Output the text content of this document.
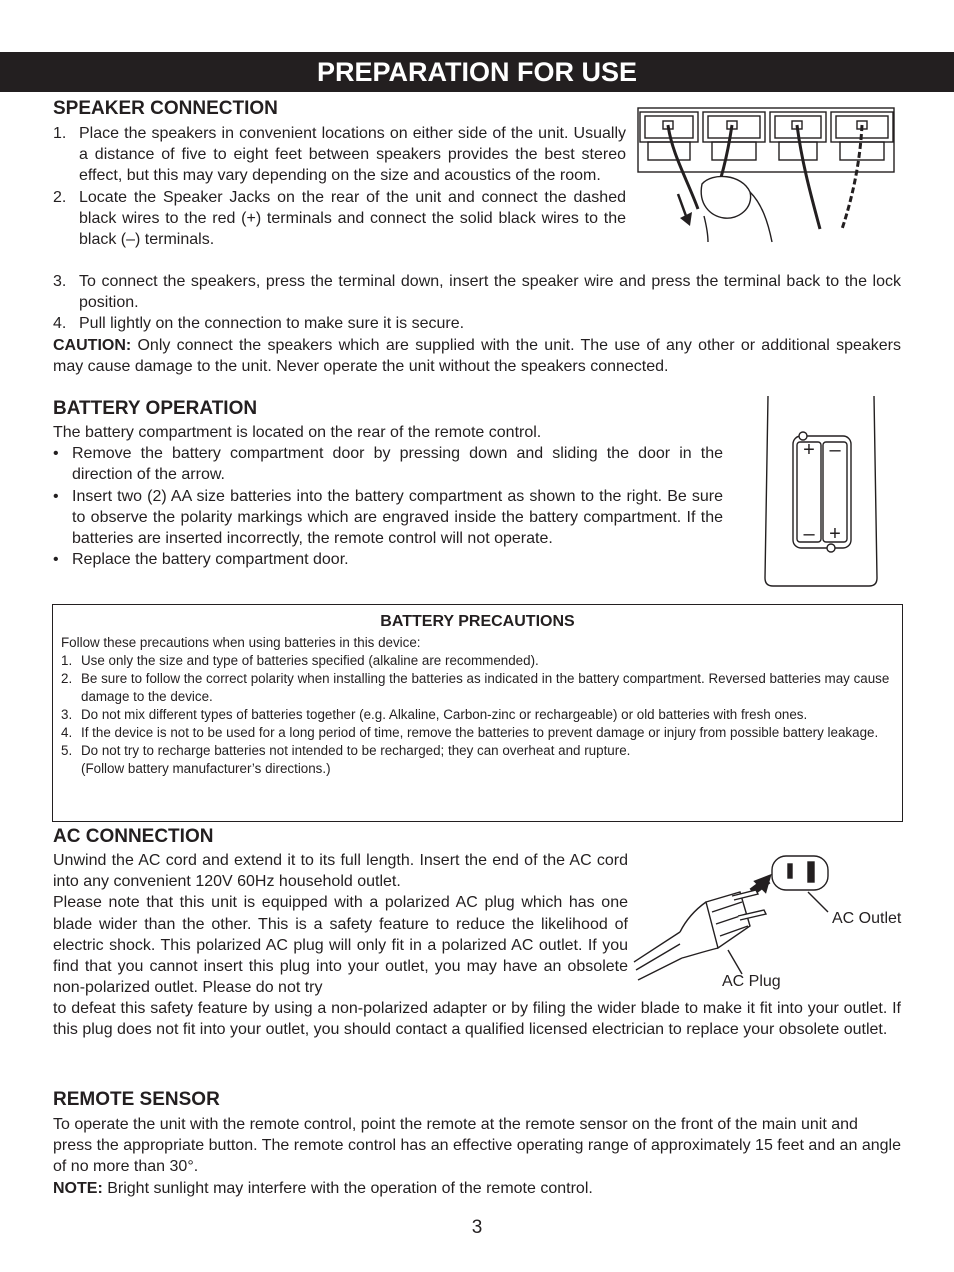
PREPARATION FOR USE

SPEAKER CONNECTION

1. Place the speakers in convenient locations on either side of the unit. Usually a distance of five to eight feet between speakers provides the best stereo effect, but this may vary depending on the size and acoustics of the room.
2. Locate the Speaker Jacks on the rear of the unit and connect the dashed black wires to the red (+) terminals and connect the solid black wires to the black (–) terminals.
3. To connect the speakers, press the terminal down, insert the speaker wire and press the terminal back to the lock position.
4. Pull lightly on the connection to make sure it is secure.

CAUTION: Only connect the speakers which are supplied with the unit. The use of any other or additional speakers may cause damage to the unit. Never operate the unit without the speakers connected.

BATTERY OPERATION

The battery compartment is located on the rear of the remote control.

• Remove the battery compartment door by pressing down and sliding the door in the direction of the arrow.
• Insert two (2) AA size batteries into the battery compartment as shown to the right. Be sure to observe the polarity markings which are engraved inside the battery compartment. If the batteries are inserted incorrectly, the remote control will not operate.
• Replace the battery compartment door.
+ –
– +
BATTERY PRECAUTIONS
Follow these precautions when using batteries in this device:
1. Use only the size and type of batteries specified (alkaline are recommended).
2. Be sure to follow the correct polarity when installing the batteries as indicated in the battery compartment. Reversed batteries may cause damage to the device.
3. Do not mix different types of batteries together (e.g. Alkaline, Carbon-zinc or rechargeable) or old batteries with fresh ones.
4. If the device is not to be used for a long period of time, remove the batteries to prevent damage or injury from possible battery leakage.
5. Do not try to recharge batteries not intended to be recharged; they can overheat and rupture.
(Follow battery manufacturer’s directions.)

AC CONNECTION

Unwind the AC cord and extend it to its full length. Insert the end of the AC cord into any convenient 120V 60Hz household outlet.

Please note that this unit is equipped with a polarized AC plug which has one blade wider than the other. This is a safety feature to reduce the likelihood of electric shock. This polarized AC plug will only fit in a polarized AC outlet. If you find that you cannot insert this plug into your outlet, you may have an obsolete non-polarized outlet. Please do not try

to defeat this safety feature by using a non-polarized adapter or by filing the wider blade to make it fit into your outlet. If this plug does not fit into your outlet, you should contact a qualified licensed electrician to replace your obsolete outlet.

AC Outlet
AC Plug

REMOTE SENSOR

To operate the unit with the remote control, point the remote at the remote sensor on the front of the main unit and press the appropriate button. The remote control has an effective operating range of approximately 15 feet and an angle of no more than 30°.

NOTE: Bright sunlight may interfere with the operation of the remote control.

3
